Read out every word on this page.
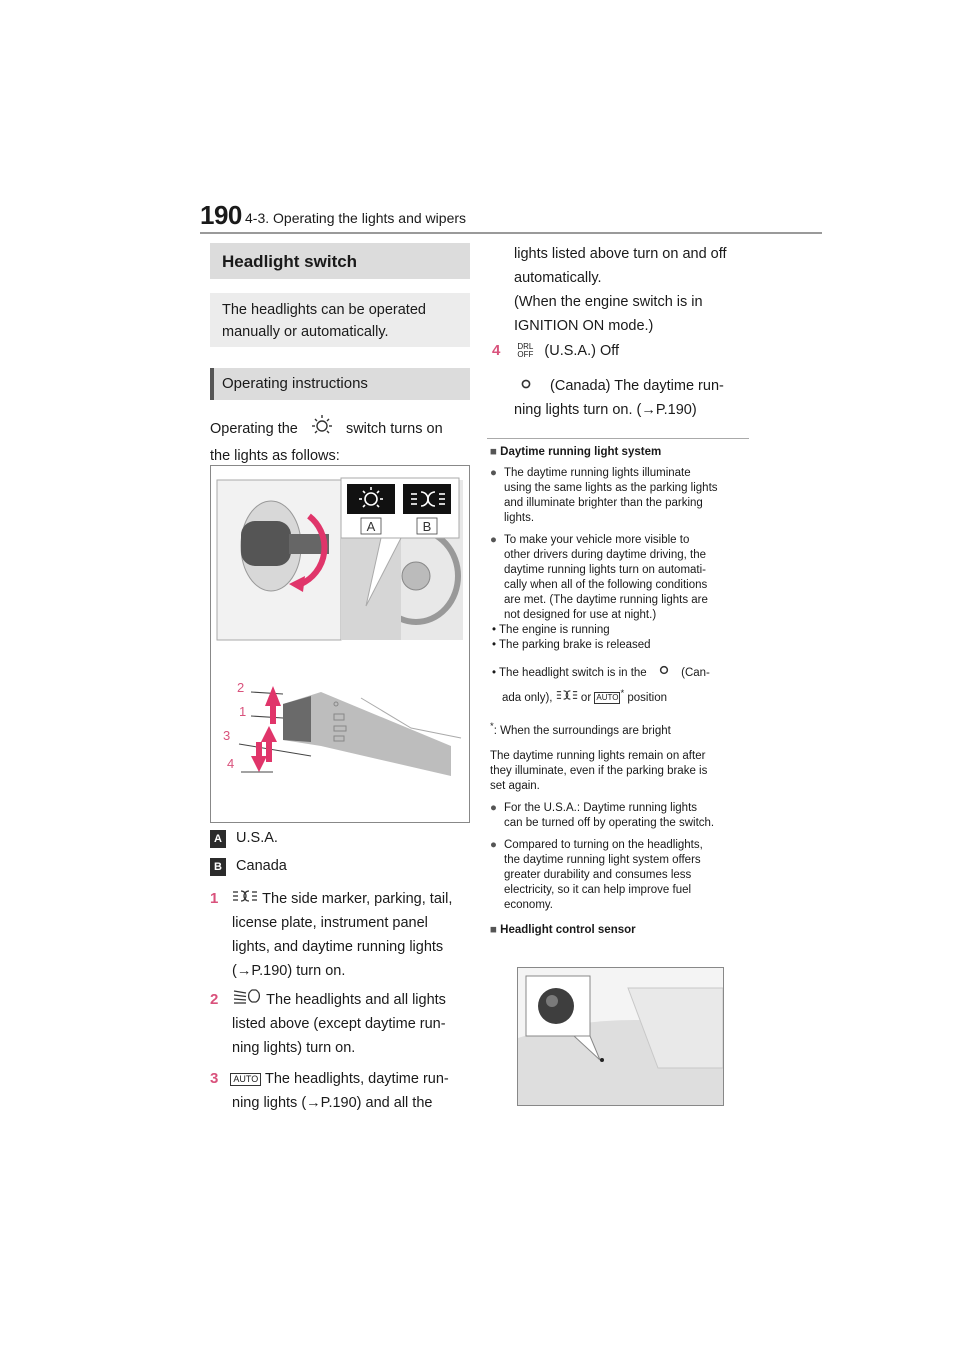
190 4-3. Operating the lights and wipers
Headlight switch
The headlights can be operated manually or automatically.
Operating instructions
Operating the	switch turns on
the lights as follows:
A	B
2
1
3
4
A U.S.A.
B Canada
1	The side marker, parking, tail,
license plate, instrument panel
lights, and daytime running lights
(→P.190) turn on.
2	The headlights and all lights
listed above (except daytime run-
ning lights) turn on.
3 AUTO The headlights, daytime run-
ning lights (→P.190) and all the
lights listed above turn on and off
automatically.
(When the engine switch is in
IGNITION ON mode.)
4	DRL
OFF (U.S.A.) Off
(Canada) The daytime run-
ning lights turn on. (→P.190)
■ Daytime running light system
● The daytime running lights illuminate
using the same lights as the parking lights
and illuminate brighter than the parking
lights.
● To make your vehicle more visible to
other drivers during daytime driving, the
daytime running lights turn on automati-
cally when all of the following conditions
are met. (The daytime running lights are
not designed for use at night.)
• The engine is running
• The parking brake is released
• The headlight switch is in the	(Can-
ada only), or AUTO * position
*: When the surroundings are bright
The daytime running lights remain on after
they illuminate, even if the parking brake is
set again.
● For the U.S.A.: Daytime running lights
can be turned off by operating the switch.
● Compared to turning on the headlights,
the daytime running light system offers
greater durability and consumes less
electricity, so it can help improve fuel
economy.
■ Headlight control sensor
